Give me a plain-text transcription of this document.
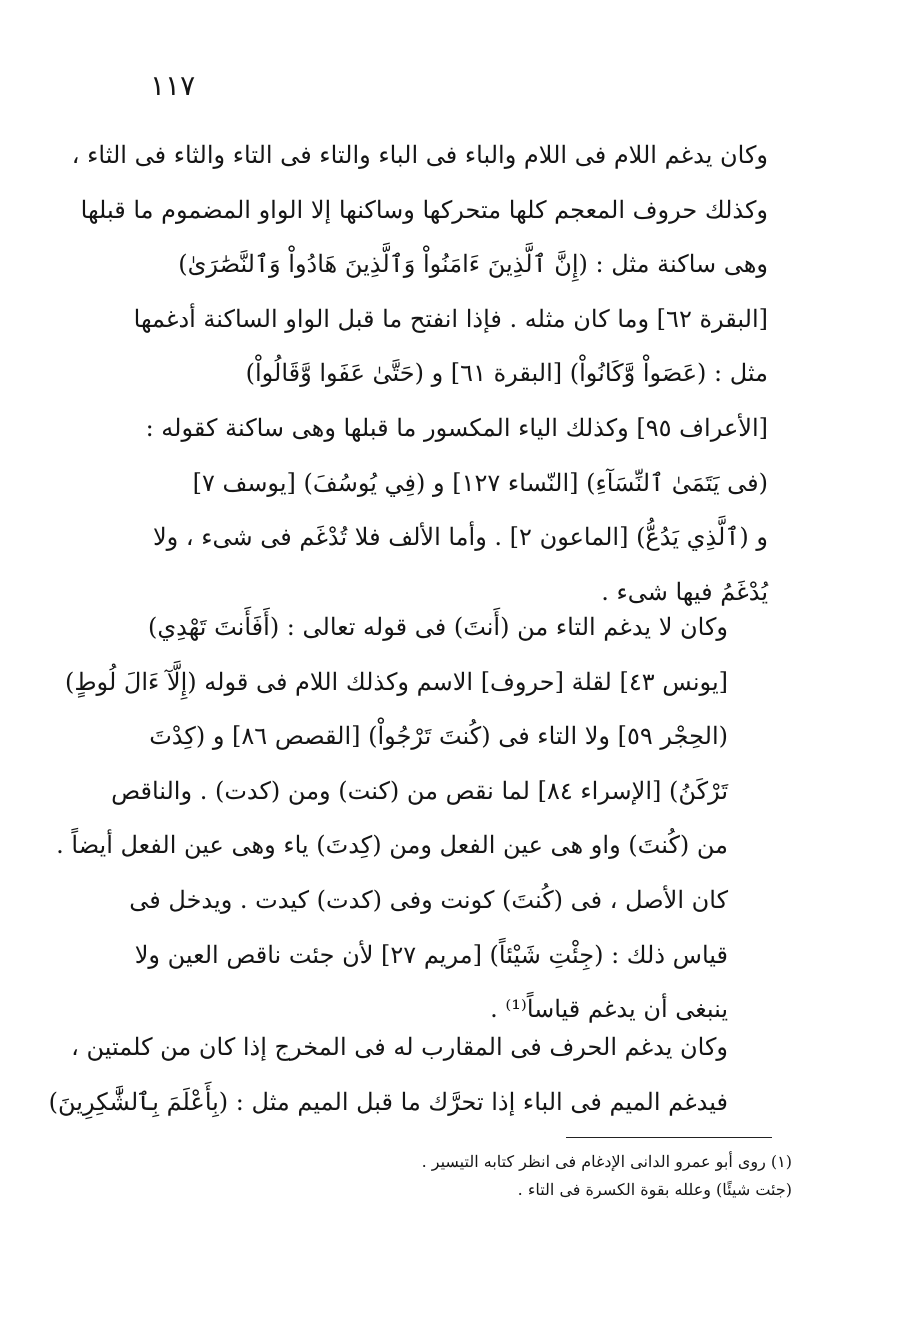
١١٧
وكان يدغم اللام فى اللام والباء فى الباء والتاء فى التاء والثاء فى الثاء ،
وكذلك حروف المعجم كلها متحركها وساكنها إلا الواو المضموم ما قبلها
وهى ساكنة مثل : (إِنَّ ٱلَّذِينَ ءَامَنُواْ وَٱلَّذِينَ هَادُواْ وَٱلنَّصَٰرَىٰ)
[البقرة ٦٢] وما كان مثله . فإذا انفتح ما قبل الواو الساكنة أدغمها
مثل : (عَصَواْ وَّكَانُواْ) [البقرة ٦١] و (حَتَّىٰ عَفَوا وَّقَالُواْ)
[الأعراف ٩٥] وكذلك الياء المكسور ما قبلها وهى ساكنة كقوله :
(فى يَتَمَىٰ ٱلنِّسَآءِ) [النّساء ١٢٧] و (فِي يُوسُفَ) [يوسف ٧]
و (ٱلَّذِي يَدُعُّ) [الماعون ٢] . وأما الألف فلا تُدْغَم فى شىء ، ولا
يُدْغَمُ فيها شىء .
وكان لا يدغم التاء من (أَنتَ) فى قوله تعالى : (أَفَأَنتَ تَهْدِي)
[يونس ٤٣] لقلة [حروف] الاسم وكذلك اللام فى قوله (إِلَّآ ءَالَ لُوطٍ)
(الحِجْر ٥٩] ولا التاء فى (كُنتَ تَرْجُواْ) [القصص ٨٦] و (كِدْتَ
تَرْكَنُ) [الإسراء ٨٤] لما نقص من (كنت) ومن (كدت) . والناقص
من (كُنتَ) واو هى عين الفعل ومن (كِدتَ) ياء وهى عين الفعل أيضاً .
كان الأصل ، فى (كُنتَ) كونت وفى (كدت) كيدت . ويدخل فى
قياس ذلك : (جِئْتِ شَيْئاً) [مريم ٢٧] لأن جئت ناقص العين ولا
ينبغى أن يدغم قياساً⁽¹⁾ .
وكان يدغم الحرف فى المقارب له فى المخرج إذا كان من كلمتين ،
فيدغم الميم فى الباء إذا تحرَّك ما قبل الميم مثل : (بِأَعْلَمَ بِٱلشَّٰكِرِينَ)
(١) روى أبو عمرو الدانى الإدغام فى انظر كتابه التيسير .
(جئت شيئًا) وعلله بقوة الكسرة فى التاء .
